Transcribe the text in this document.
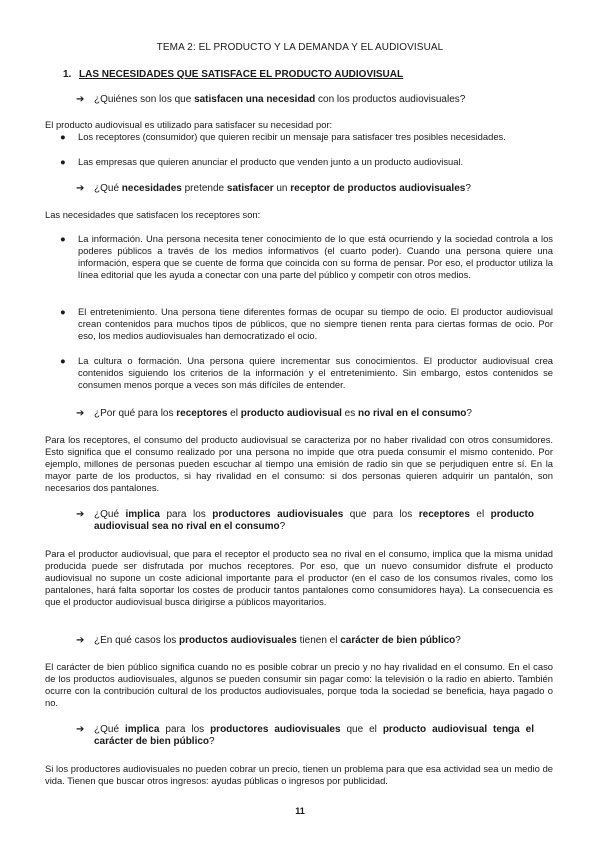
TEMA 2: EL PRODUCTO Y LA DEMANDA Y EL AUDIOVISUAL
1. LAS NECESIDADES QUE SATISFACE EL PRODUCTO AUDIOVISUAL
➔ ¿Quiénes son los que satisfacen una necesidad con los productos audiovisuales?

El producto audiovisual es utilizado para satisfacer su necesidad por:

● Los receptores (consumidor) que quieren recibir un mensaje para satisfacer tres posibles necesidades.
● Las empresas que quieren anunciar el producto que venden junto a un producto audiovisual.
➔ ¿Qué necesidades pretende satisfacer un receptor de productos audiovisuales?

Las necesidades que satisfacen los receptores son:

● La información. Una persona necesita tener conocimiento de lo que está ocurriendo y la sociedad controla a los poderes públicos a través de los medios informativos (el cuarto poder). Cuando una persona quiere una información, espera que se cuente de forma que coincida con su forma de pensar. Por eso, el productor utiliza la línea editorial que les ayuda a conectar con una parte del público y competir con otros medios.
● El entretenimiento. Una persona tiene diferentes formas de ocupar su tiempo de ocio. El productor audiovisual crean contenidos para muchos tipos de públicos, que no siempre tienen renta para ciertas formas de ocio. Por eso, los medios audiovisuales han democratizado el ocio.
● La cultura o formación. Una persona quiere incrementar sus conocimientos. El productor audiovisual crea contenidos siguiendo los criterios de la información y el entretenimiento. Sin embargo, estos contenidos se consumen menos porque a veces son más difíciles de entender.
➔ ¿Por qué para los receptores el producto audiovisual es no rival en el consumo?

Para los receptores, el consumo del producto audiovisual se caracteriza por no haber rivalidad con otros consumidores. Esto significa que el consumo realizado por una persona no impide que otra pueda consumir el mismo contenido. Por ejemplo, millones de personas pueden escuchar al tiempo una emisión de radio sin que se perjudiquen entre sí. En la mayor parte de los productos, si hay rivalidad en el consumo: si dos personas quieren adquirir un pantalón, son necesarios dos pantalones.

➔ ¿Qué implica para los productores audiovisuales que para los receptores el producto audiovisual sea no rival en el consumo?

Para el productor audiovisual, que para el receptor el producto sea no rival en el consumo, implica que la misma unidad producida puede ser disfrutada por muchos receptores. Por eso, que un nuevo consumidor disfrute el producto audiovisual no supone un coste adicional importante para el productor (en el caso de los consumos rivales, como los pantalones, hará falta soportar los costes de producir tantos pantalones como consumidores haya). La consecuencia es que el productor audiovisual busca dirigirse a públicos mayoritarios.

➔ ¿En qué casos los productos audiovisuales tienen el carácter de bien público?

El carácter de bien público significa cuando no es posible cobrar un precio y no hay rivalidad en el consumo. En el caso de los productos audiovisuales, algunos se pueden consumir sin pagar como: la televisión o la radio en abierto. También ocurre con la contribución cultural de los productos audiovisuales, porque toda la sociedad se beneficia, haya pagado o no.

➔ ¿Qué implica para los productores audiovisuales que el producto audiovisual tenga el carácter de bien público?

Si los productores audiovisuales no pueden cobrar un precio, tienen un problema para que esa actividad sea un medio de vida. Tienen que buscar otros ingresos: ayudas públicas o ingresos por publicidad.

11
